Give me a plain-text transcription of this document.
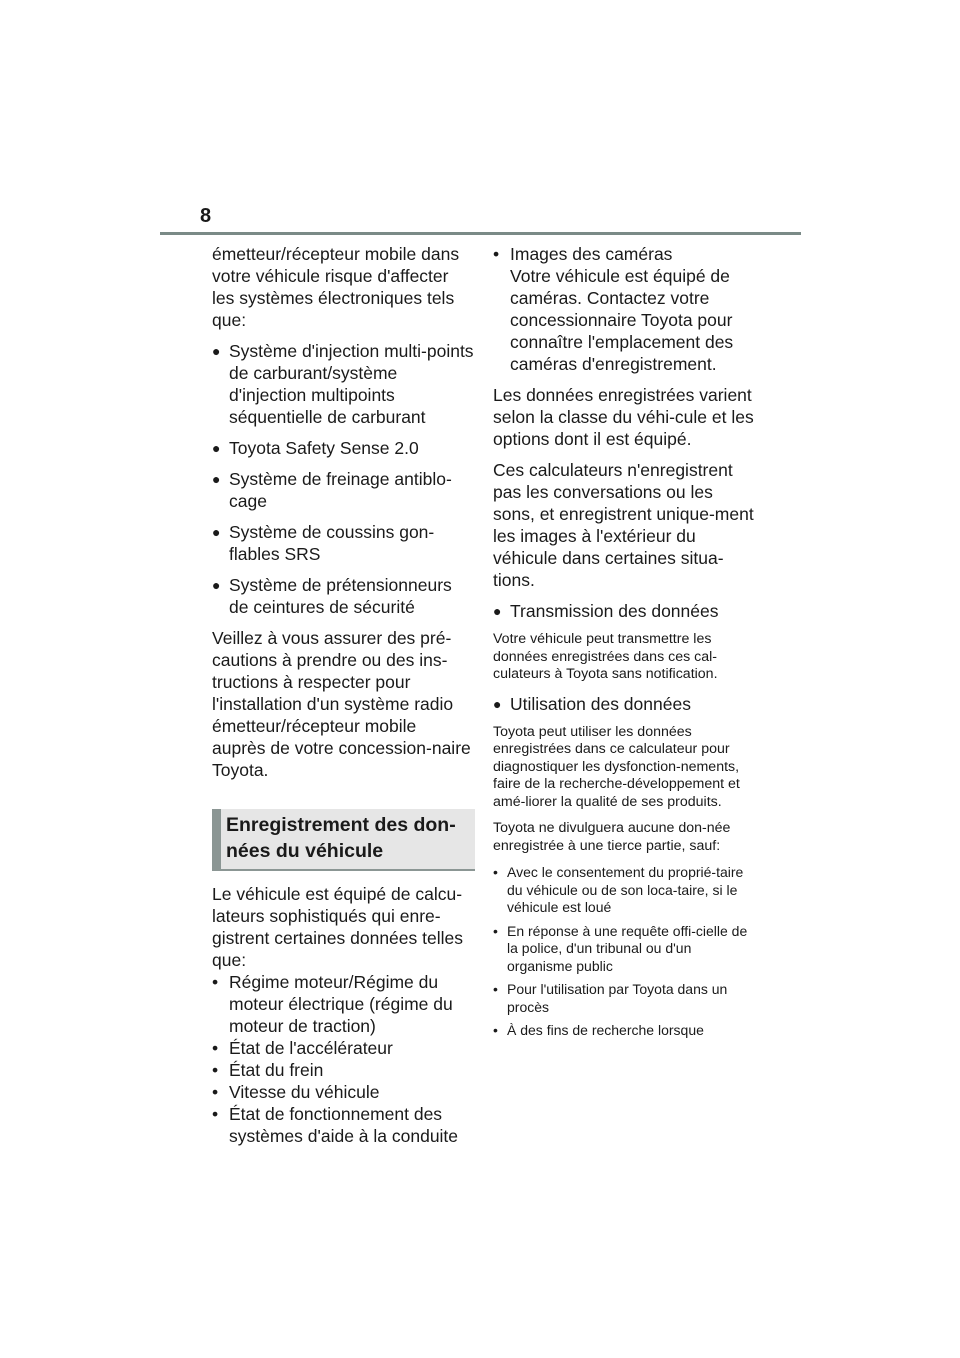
8

émetteur/récepteur mobile dans votre véhicule risque d'affecter les systèmes électroniques tels que:

● Système d'injection multi-points de carburant/système d'injection multipoints séquentielle de carburant
● Toyota Safety Sense 2.0
● Système de freinage antiblo-cage
● Système de coussins gon-flables SRS
● Système de prétensionneurs de ceintures de sécurité

Veillez à vous assurer des pré-cautions à prendre ou des ins-tructions à respecter pour l'installation d'un système radio émetteur/récepteur mobile auprès de votre concession-naire Toyota.

Enregistrement des don-
nées du véhicule

Le véhicule est équipé de calcu-lateurs sophistiqués qui enre-gistrent certaines données telles que:

• Régime moteur/Régime du moteur électrique (régime du moteur de traction)
• État de l'accélérateur
• État du frein
• Vitesse du véhicule
• État de fonctionnement des systèmes d'aide à la conduite
• Images des caméras
Votre véhicule est équipé de caméras. Contactez votre concessionnaire Toyota pour connaître l'emplacement des caméras d'enregistrement.

Les données enregistrées varient selon la classe du véhi-cule et les options dont il est équipé.

Ces calculateurs n'enregistrent pas les conversations ou les sons, et enregistrent unique-ment les images à l'extérieur du véhicule dans certaines situa-tions.

● Transmission des données

Votre véhicule peut transmettre les données enregistrées dans ces cal-culateurs à Toyota sans notification.

● Utilisation des données

Toyota peut utiliser les données enregistrées dans ce calculateur pour diagnostiquer les dysfonction-nements, faire de la recherche-développement et amé-liorer la qualité de ses produits.

Toyota ne divulguera aucune don-née enregistrée à une tierce partie, sauf:

• Avec le consentement du proprié-taire du véhicule ou de son loca-taire, si le véhicule est loué
• En réponse à une requête offi-cielle de la police, d'un tribunal ou d'un organisme public
• Pour l'utilisation par Toyota dans un procès
• À des fins de recherche lorsque
